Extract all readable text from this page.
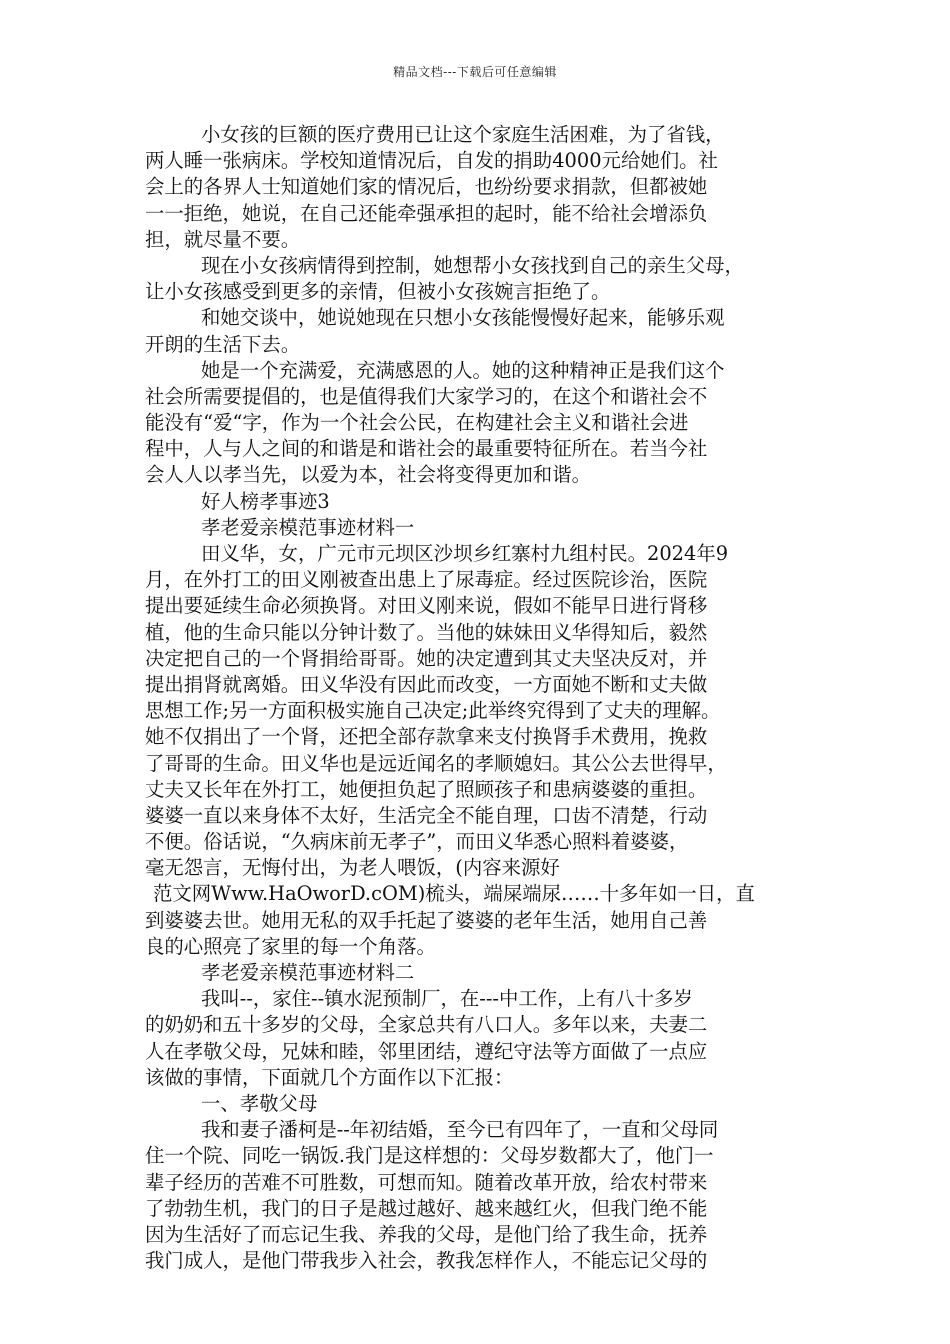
精品文档---下载后可任意编辑
小女孩的巨额的医疗费用已让这个家庭生活困难，为了省钱，
两人睡一张病床。学校知道情况后，自发的捐助4000元给她们。社
会上的各界人士知道她们家的情况后，也纷纷要求捐款，但都被她
一一拒绝，她说，在自己还能牵强承担的起时，能不给社会增添负
担，就尽量不要。
现在小女孩病情得到控制，她想帮小女孩找到自己的亲生父母，
让小女孩感受到更多的亲情，但被小女孩婉言拒绝了。
和她交谈中，她说她现在只想小女孩能慢慢好起来，能够乐观
开朗的生活下去。
她是一个充满爱，充满感恩的人。她的这种精神正是我们这个
社会所需要提倡的，也是值得我们大家学习的，在这个和谐社会不
能没有“爱“字，作为一个社会公民，在构建社会主义和谐社会进
程中，人与人之间的和谐是和谐社会的最重要特征所在。若当今社
会人人以孝当先，以爱为本，社会将变得更加和谐。
好人榜孝事迹3
孝老爱亲模范事迹材料一
田义华，女，广元市元坝区沙坝乡红寨村九组村民。2024年9
月，在外打工的田义刚被查出患上了尿毒症。经过医院诊治，医院
提出要延续生命必须换肾。对田义刚来说，假如不能早日进行肾移
植，他的生命只能以分钟计数了。当他的妹妹田义华得知后，毅然
决定把自己的一个肾捐给哥哥。她的决定遭到其丈夫坚决反对，并
提出捐肾就离婚。田义华没有因此而改变，一方面她不断和丈夫做
思想工作;另一方面积极实施自己决定;此举终究得到了丈夫的理解。
她不仅捐出了一个肾，还把全部存款拿来支付换肾手术费用，挽救
了哥哥的生命。田义华也是远近闻名的孝顺媳妇。其公公去世得早，
丈夫又长年在外打工，她便担负起了照顾孩子和患病婆婆的重担。
婆婆一直以来身体不太好，生活完全不能自理，口齿不清楚，行动
不便。俗话说，“久病床前无孝子”，而田义华悉心照料着婆婆，
毫无怨言，无悔付出，为老人喂饭，(内容来源好
范文网Www.HaOworD.cOM)梳头，端屎端尿……十多年如一日，直
到婆婆去世。她用无私的双手托起了婆婆的老年生活，她用自己善
良的心照亮了家里的每一个角落。
孝老爱亲模范事迹材料二
我叫--，家住--镇水泥预制厂，在---中工作，上有八十多岁
的奶奶和五十多岁的父母，全家总共有八口人。多年以来，夫妻二
人在孝敬父母，兄妹和睦，邻里团结，遵纪守法等方面做了一点应
该做的事情，下面就几个方面作以下汇报：
一、孝敬父母
我和妻子潘柯是--年初结婚，至今已有四年了，一直和父母同
住一个院、同吃一锅饭.我门是这样想的：父母岁数都大了，他门一
辈子经历的苦难不可胜数，可想而知。随着改革开放，给农村带来
了勃勃生机，我门的日子是越过越好、越来越红火，但我门绝不能
因为生活好了而忘记生我、养我的父母，是他门给了我生命，抚养
我门成人，是他门带我步入社会，教我怎样作人，不能忘记父母的
